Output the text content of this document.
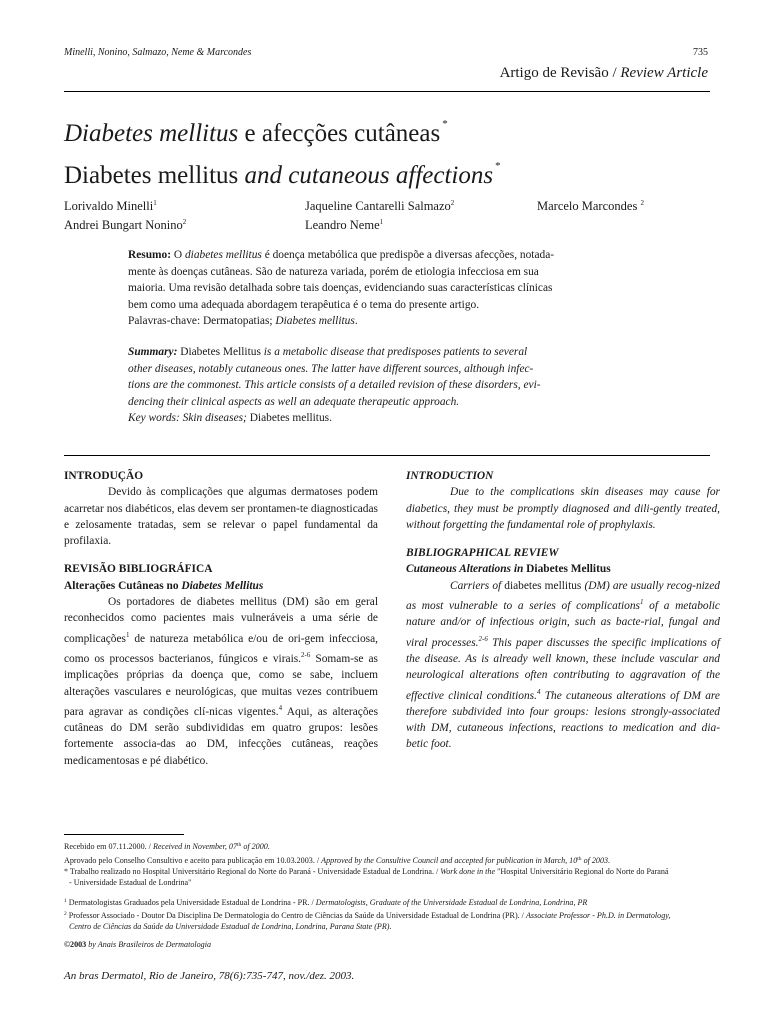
Minelli, Nonino, Salmazo, Neme & Marcondes	735
Artigo de Revisão / Review Article
Diabetes mellitus e afecções cutâneas *
Diabetes mellitus and cutaneous affections *
Lorivaldo Minelli$^1$	Jaqueline Cantarelli Salmazo$^2$	Marcelo Marcondes $^2$
Andrei Bungart Nonino$^2$	Leandro Neme$^1$
Resumo: O diabetes mellitus é doença metabólica que predispõe a diversas afecções, notada-
mente às doenças cutâneas. São de natureza variada, porém de etiologia infecciosa em sua
maioria. Uma revisão detalhada sobre tais doenças, evidenciando suas características clínicas
bem como uma adequada abordagem terapêutica é o tema do presente artigo.
Palavras-chave: Dermatopatias; Diabetes mellitus.
Summary: Diabetes Mellitus is a metabolic disease that predisposes patients to several
other diseases, notably cutaneous ones. The latter have different sources, although infec-
tions are the commonest. This article consists of a detailed revision of these disorders, evi-
dencing their clinical aspects as well an adequate therapeutic approach.
Key words: Skin diseases; Diabetes mellitus.

INTRODUÇÃO

Devido às complicações que algumas dermatoses podem acarretar nos diabéticos, elas devem ser prontamen-te diagnosticadas e zelosamente tratadas, sem se relevar o papel fundamental da profilaxia.

REVISÃO BIBLIOGRÁFICA

Alterações Cutâneas no Diabetes Mellitus

Os portadores de diabetes mellitus (DM) são em geral reconhecidos como pacientes mais vulneráveis a uma série de complicações$^1$ de natureza metabólica e/ou de ori-gem infecciosa, como os processos bacterianos, fúngicos e virais.$^{2-6}$ Somam-se as implicações próprias da doença que, como se sabe, incluem alterações vasculares e neurológicas, que muitas vezes contribuem para agravar as condições clí-nicas vigentes.$^4$ Aqui, as alterações cutâneas do DM serão subdivididas em quatro grupos: lesões fortemente associa-das ao DM, infecções cutâneas, reações medicamentosas e pé diabético.

INTRODUCTION

Due to the complications skin diseases may cause for diabetics, they must be promptly diagnosed and dili-gently treated, without forgetting the fundamental role of prophylaxis.

BIBLIOGRAPHICAL REVIEW

Cutaneous Alterations in Diabetes Mellitus

Carriers of diabetes mellitus (DM) are usually recog-nized as most vulnerable to a series of complications$^1$ of a metabolic nature and/or of infectious origin, such as bacte-rial, fungal and viral processes.$^{2-6}$ This paper discusses the specific implications of the disease. As is already well known, these include vascular and neurological alterations often contributing to aggravation of the effective clinical conditions.$^4$ The cutaneous alterations of DM are therefore subdivided into four groups: lesions strongly-associated with DM, cutaneous infections, reactions to medication and dia-betic foot.

Recebido em 07.11.2000. / Received in November, 07th of 2000.
Aprovado pelo Conselho Consultivo e aceito para publicação em 10.03.2003. / Approved by the Consultive Council and accepted for publication in March, 10th of 2003.
* Trabalho realizado no Hospital Universitário Regional do Norte do Paraná - Universidade Estadual de Londrina. / Work done in the "Hospital Universitário Regional do Norte do Paraná
- Universidade Estadual de Londrina"
$^1$ Dermatologistas Graduados pela Universidade Estadual de Londrina - PR. / Dermatologists, Graduate of the Universidade Estadual de Londrina, Londrina, PR
$^2$ Professor Associado - Doutor Da Disciplina De Dermatologia do Centro de Ciências da Saúde da Universidade Estadual de Londrina (PR). / Associate Professor - Ph.D. in Dermatology,
Centro de Ciências da Saúde da Universidade Estadual de Londrina, Londrina, Parana State (PR).
©2003 by Anais Brasileiros de Dermatologia
An bras Dermatol, Rio de Janeiro, 78(6):735-747, nov./dez. 2003.
